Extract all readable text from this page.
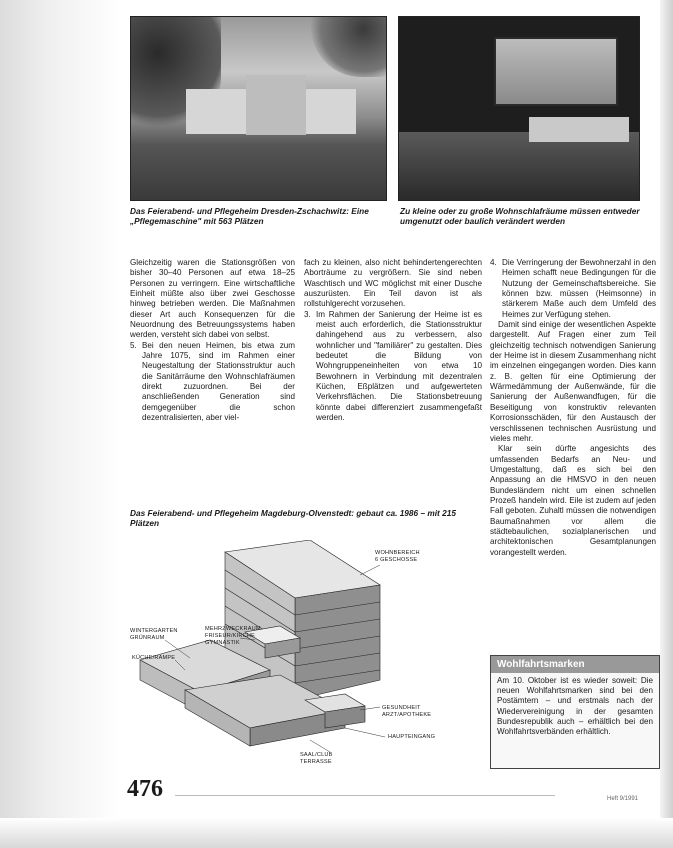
Das Feierabend- und Pflegeheim Dresden-Zschachwitz: Eine „Pflegemaschine" mit 563 Plätzen

Zu kleine oder zu große Wohnschlafräume müssen entweder umgenutzt oder baulich verändert werden

Gleichzeitig waren die Stationsgrößen von bisher 30–40 Personen auf etwa 18–25 Personen zu verringern. Eine wirtschaftliche Einheit müßte also über zwei Geschosse hinweg betrieben werden. Die Maßnahmen dieser Art auch Konsequenzen für die Neuordnung des Betreuungssystems haben werden, versteht sich dabei von selbst.

5. Bei den neuen Heimen, bis etwa zum Jahre 1075, sind im Rahmen einer Neugestaltung der Stationsstruktur auch die Sanitärräume den Wohnschlafräumen direkt zuzuordnen. Bei der anschließenden Generation sind demgegenüber die schon dezentralisierten, aber viel-

fach zu kleinen, also nicht behindertengerechten Aborträume zu vergrößern. Sie sind neben Waschtisch und WC möglichst mit einer Dusche auszurüsten. Ein Teil davon ist als rollstuhlgerecht vorzusehen.

3. Im Rahmen der Sanierung der Heime ist es meist auch erforderlich, die Stationsstruktur dahingehend aus zu verbessern, also wohnlicher und "familiärer" zu gestalten. Dies bedeutet die Bildung von Wohngruppeneinheiten von etwa 10 Bewohnern in Verbindung mit dezentralen Küchen, Eßplätzen und aufgewerteten Verkehrsflächen. Die Stationsbetreuung könnte dabei differenziert zusammengefaßt werden.

4. Die Verringerung der Bewohnerzahl in den Heimen schafft neue Bedingungen für die Nutzung der Gemeinschaftsbereiche. Sie können bzw. müssen (Heimsonne) in stärkerem Maße auch dem Umfeld des Heimes zur Verfügung stehen.

Damit sind einige der wesentlichen Aspekte dargestellt. Auf Fragen einer zum Teil gleichzeitig technisch notwendigen Sanierung der Heime ist in diesem Zusammenhang nicht im einzelnen eingegangen worden. Dies kann z. B. gelten für eine Optimierung der Wärmedämmung der Außenwände, für die Sanierung der Außenwandfugen, für die Beseitigung von konstruktiv relevanten Korrosionsschäden, für den Austausch der verschlissenen technischen Ausrüstung und vieles mehr.

Klar sein dürfte angesichts des umfassenden Bedarfs an Neu- und Umgestaltung, daß es sich bei den Anpassung an die HMSVO in den neuen Bundesländern nicht um einen schnellen Prozeß handeln wird. Eile ist zudem auf jeden Fall geboten. Zuhaltl müssen die notwendigen Baumaßnahmen vor allem die städtebaulichen, sozialplanerischen und architektonischen Gesamtplanungen vorangestellt werden.

Das Feierabend- und Pflegeheim Magdeburg-Olvenstedt: gebaut ca. 1986 – mit 215 Plätzen

WOHNBEREICH
6 GESCHOSSE
WINTERGARTEN
GRÜNRAUM
MEHRZWECKRAUM
FRISEUR/KIRCHE
GYMNASTIK
KÜCHE/RAMPE
GESUNDHEIT
ARZT/APOTHEKE
HAUPTEINGANG
SAAL/CLUB
TERRASSE
Wohlfahrtsmarken

Am 10. Oktober ist es wieder soweit: Die neuen Wohlfahrtsmarken sind bei den Postämtern – und erstmals nach der Wiedervereinigung in der gesamten Bundesrepublik auch – erhältlich bei den Wohlfahrtsverbänden erhältlich.

476	Heft 9/1991
